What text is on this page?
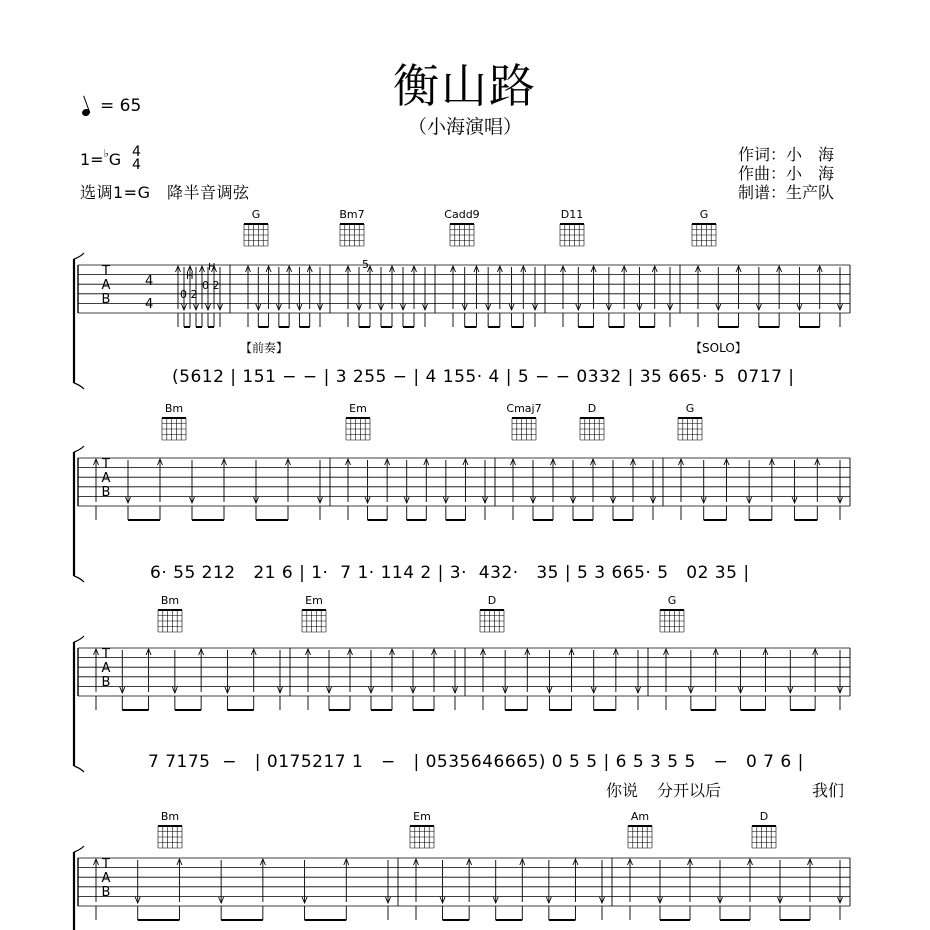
衡山路
（小海演唱）
= 65
1=♭G 4
4
选调1=G　降半音调弦
作词：小　海
作曲：小　海
制谱：生产队
G	Bm7	Cadd9	D11	G
Bm	Em	Cmaj7	D	G
Bm	Em	D	G
Bm	Em	Am	D
T
A
B
T
A
B
T
A
B
T
A
B
【前奏】	【SOLO】
4
4
H
H
0 2
0 2
5
(5612 | 151 − − | 3 255 − | 4 155· 4 | 5 − − 0332 | 35 665· 5  0717 |
6· 55 212   21 6 | 1·  7 1· 114 2 | 3·  432·   35 | 5 3 665· 5   02 35 |
7 7175  −   | 0175217 1   −   | 0535646665) 0 5 5 | 6 5 3 5 5   −   0 7 6 |
你说 分开以后	我们
